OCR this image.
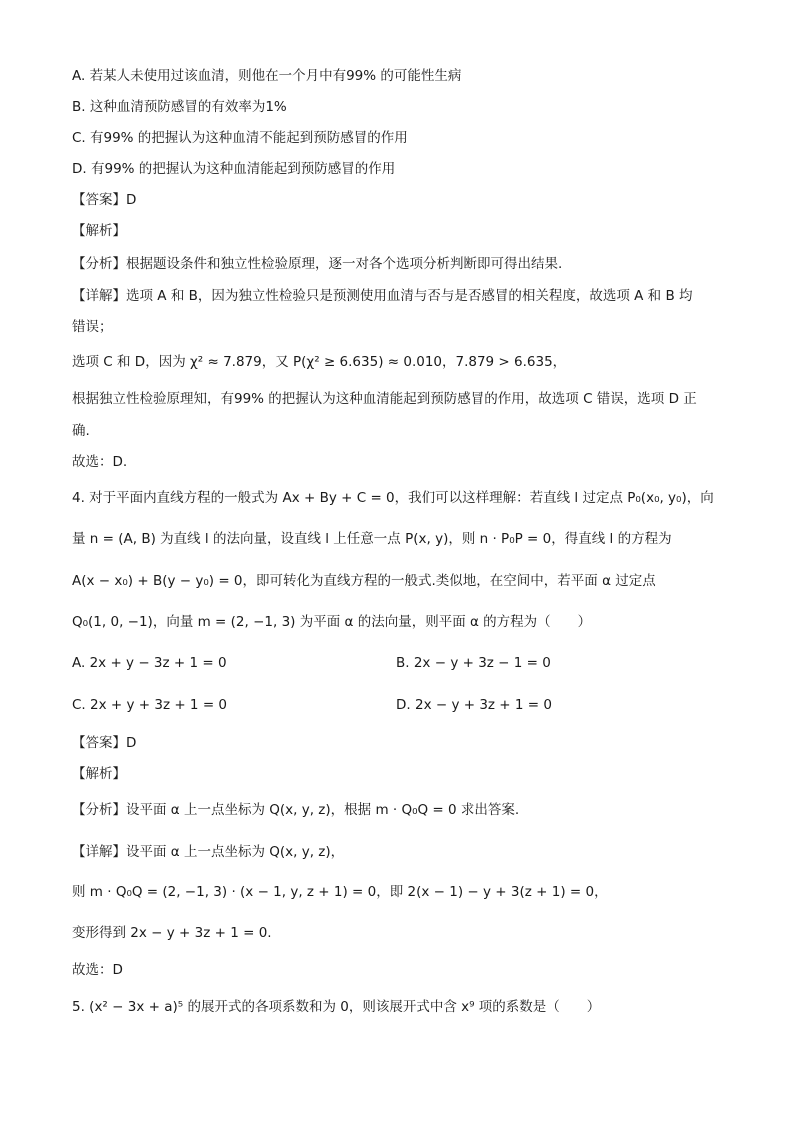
A. 若某人未使用过该血清，则他在一个月中有99% 的可能性生病
B. 这种血清预防感冒的有效率为1%
C. 有99% 的把握认为这种血清不能起到预防感冒的作用
D. 有99% 的把握认为这种血清能起到预防感冒的作用
【答案】D
【解析】
【分析】根据题设条件和独立性检验原理，逐一对各个选项分析判断即可得出结果.
【详解】选项 A 和 B，因为独立性检验只是预测使用血清与否与是否感冒的相关程度，故选项 A 和 B 均
错误；
选项 C 和 D，因为 χ² ≈ 7.879，又 P(χ² ≥ 6.635) ≈ 0.010，7.879 > 6.635，
根据独立性检验原理知，有99% 的把握认为这种血清能起到预防感冒的作用，故选项 C 错误，选项 D 正
确.
故选：D.
4. 对于平面内直线方程的一般式为 Ax + By + C = 0，我们可以这样理解：若直线 l 过定点 P₀(x₀, y₀)，向
量 n = (A, B) 为直线 l 的法向量，设直线 l 上任意一点 P(x, y)，则 n · P₀P = 0，得直线 l 的方程为
A(x − x₀) + B(y − y₀) = 0，即可转化为直线方程的一般式.类似地，在空间中，若平面 α 过定点
Q₀(1, 0, −1)，向量 m = (2, −1, 3) 为平面 α 的法向量，则平面 α 的方程为（　　）
A. 2x + y − 3z + 1 = 0	B. 2x − y + 3z − 1 = 0
C. 2x + y + 3z + 1 = 0	D. 2x − y + 3z + 1 = 0
【答案】D
【解析】
【分析】设平面 α 上一点坐标为 Q(x, y, z)，根据 m · Q₀Q = 0 求出答案.
【详解】设平面 α 上一点坐标为 Q(x, y, z)，
则 m · Q₀Q = (2, −1, 3) · (x − 1, y, z + 1) = 0，即 2(x − 1) − y + 3(z + 1) = 0，
变形得到 2x − y + 3z + 1 = 0.
故选：D
5. (x² − 3x + a)⁵ 的展开式的各项系数和为 0，则该展开式中含 x⁹ 项的系数是（　　）
